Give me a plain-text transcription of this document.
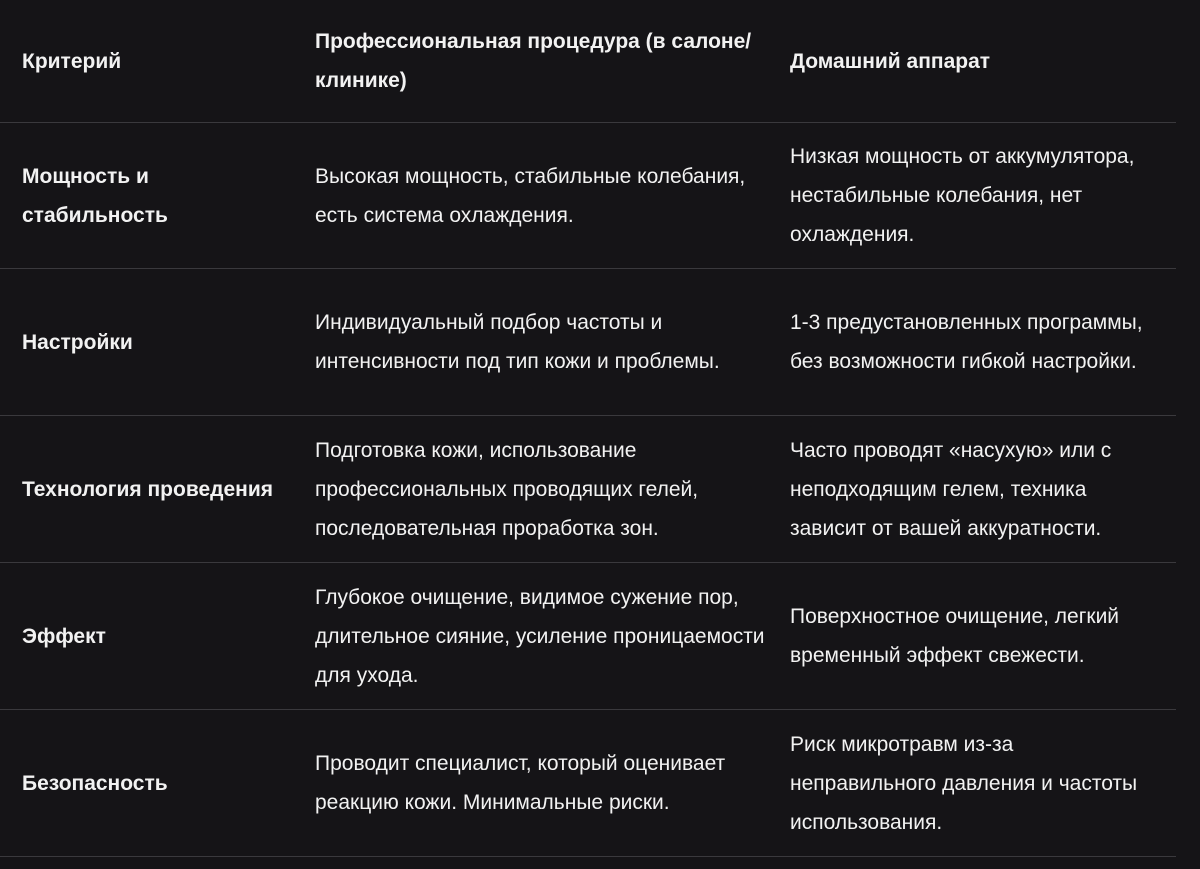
Критерий
Профессиональная процедура (в салоне/клинике)
Домашний аппарат
Мощность и стабильность
Высокая мощность, стабильные колебания, есть система охлаждения.
Низкая мощность от аккумулятора, нестабильные колебания, нет охлаждения.
Настройки
Индивидуальный подбор частоты и интенсивности под тип кожи и проблемы.
1-3 предустановленных программы, без возможности гибкой настройки.
Технология проведения
Подготовка кожи, использование профессиональных проводящих гелей, последовательная проработка зон.
Часто проводят «насухую» или с неподходящим гелем, техника зависит от вашей аккуратности.
Эффект
Глубокое очищение, видимое сужение пор, длительное сияние, усиление проницаемости для ухода.
Поверхностное очищение, легкий временный эффект свежести.
Безопасность
Проводит специалист, который оценивает реакцию кожи. Минимальные риски.
Риск микротравм из-за неправильного давления и частоты использования.
